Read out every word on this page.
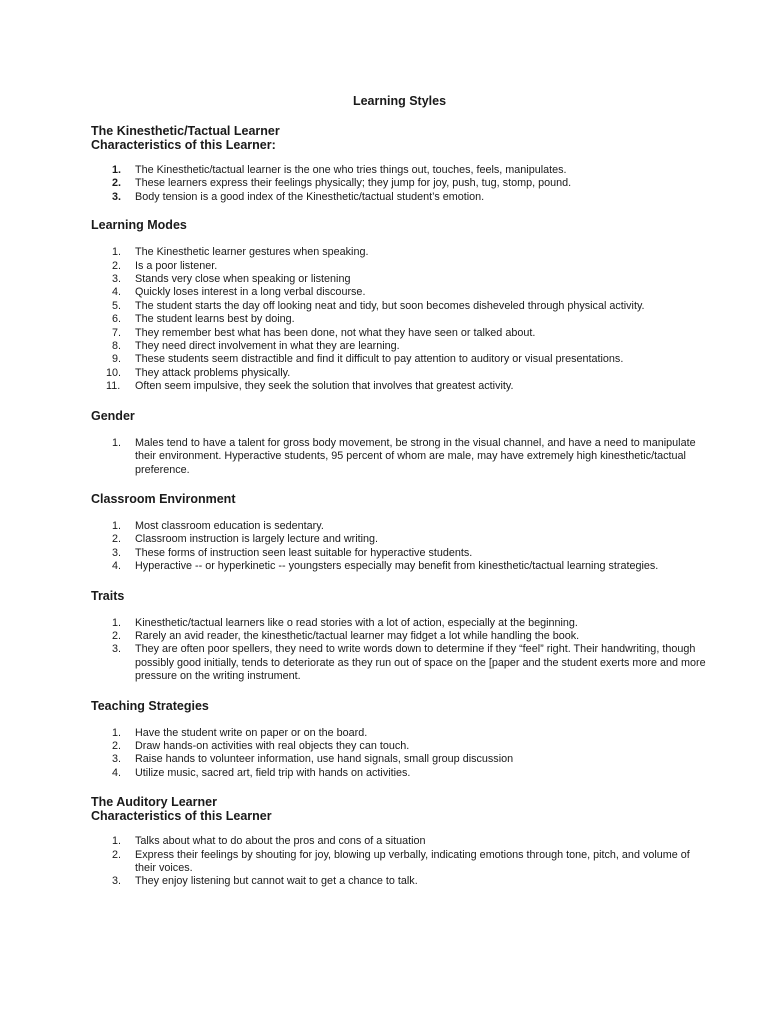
Learning Styles
The Kinesthetic/Tactual Learner
Characteristics of this Learner:
1. The Kinesthetic/tactual learner is the one who tries things out, touches, feels, manipulates.
2. These learners express their feelings physically; they jump for joy, push, tug, stomp, pound.
3. Body tension is a good index of the Kinesthetic/tactual student’s emotion.
Learning Modes
1. The Kinesthetic learner gestures when speaking.
2. Is a poor listener.
3. Stands very close when speaking or listening
4. Quickly loses interest in a long verbal discourse.
5. The student starts the day off looking neat and tidy, but soon becomes disheveled through physical activity.
6. The student learns best by doing.
7. They remember best what has been done, not what they have seen or talked about.
8. They need direct involvement in what they are learning.
9. These students seem distractible and find it difficult to pay attention to auditory or visual presentations.
10. They attack problems physically.
11. Often seem impulsive, they seek the solution that involves that greatest activity.
Gender
1. Males tend to have a talent for gross body movement, be strong in the visual channel, and have a need to manipulate their environment. Hyperactive students, 95 percent of whom are male, may have extremely high kinesthetic/tactual preference.
Classroom Environment
1. Most classroom education is sedentary.
2. Classroom instruction is largely lecture and writing.
3. These forms of instruction seen least suitable for hyperactive students.
4. Hyperactive -- or hyperkinetic -- youngsters especially may benefit from kinesthetic/tactual learning strategies.
Traits
1. Kinesthetic/tactual learners like o read stories with a lot of action, especially at the beginning.
2. Rarely an avid reader, the kinesthetic/tactual learner may fidget a lot while handling the book.
3. They are often poor spellers, they need to write words down to determine if they “feel” right. Their handwriting, though possibly good initially, tends to deteriorate as they run out of space on the [paper and the student exerts more and more pressure on the writing instrument.
Teaching Strategies
1. Have the student write on paper or on the board.
2. Draw hands-on activities with real objects they can touch.
3. Raise hands to volunteer information, use hand signals, small group discussion
4. Utilize music, sacred art, field trip with hands on activities.
The Auditory Learner
Characteristics of this Learner
1. Talks about what to do about the pros and cons of a situation
2. Express their feelings by shouting for joy, blowing up verbally, indicating emotions through tone, pitch, and volume of their voices.
3. They enjoy listening but cannot wait to get a chance to talk.
